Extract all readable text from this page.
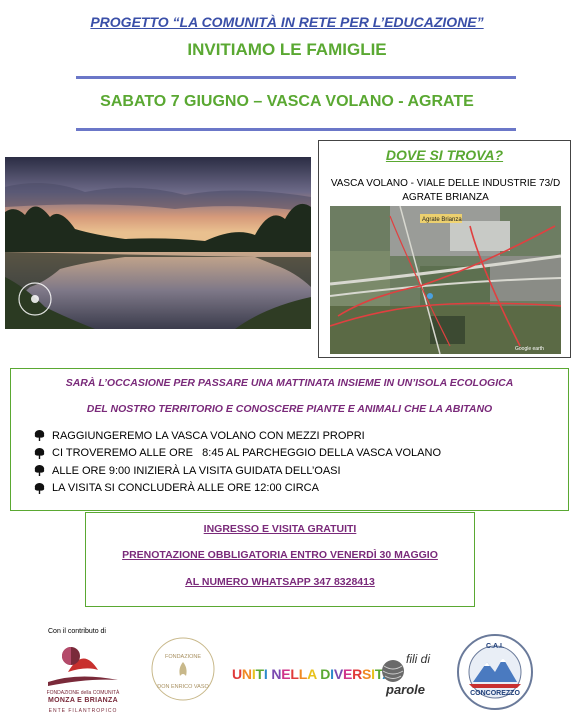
PROGETTO “LA COMUNITÀ IN RETE PER L’EDUCAZIONE”
INVITIAMO LE FAMIGLIE
SABATO 7 GIUGNO – VASCA VOLANO - AGRATE
DOVE SI TROVA?
VASCA VOLANO - VIALE DELLE INDUSTRIE 73/D
AGRATE BRIANZA
Agrate Brianza
Google earth
SARÀ L’OCCASIONE PER PASSARE UNA MATTINATA INSIEME IN UN’ISOLA ECOLOGICA
DEL NOSTRO TERRITORIO E CONOSCERE PIANTE E ANIMALI CHE LA ABITANO
RAGGIUNGEREMO LA VASCA VOLANO CON MEZZI PROPRI
CI TROVEREMO ALLE ORE   8:45 AL PARCHEGGIO DELLA VASCA VOLANO
ALLE ORE 9:00 INIZIERÀ LA VISITA GUIDATA DELL’OASI
LA VISITA SI CONCLUDERÀ ALLE ORE 12:00 CIRCA
INGRESSO E VISITA GRATUITI
PRENOTAZIONE OBBLIGATORIA ENTRO VENERDÌ 30 MAGGIO
AL NUMERO WHATSAPP 347 8328413
Con il contributo di
FONDAZIONE della COMUNITÀ
MONZA E BRIANZA
ENTE FILANTROPICO
FONDAZIONE
DON ENRICO VASO
UNITI NELLA DIVERSIT
fili di
parole
C.A.I.
CONCOREZZO
